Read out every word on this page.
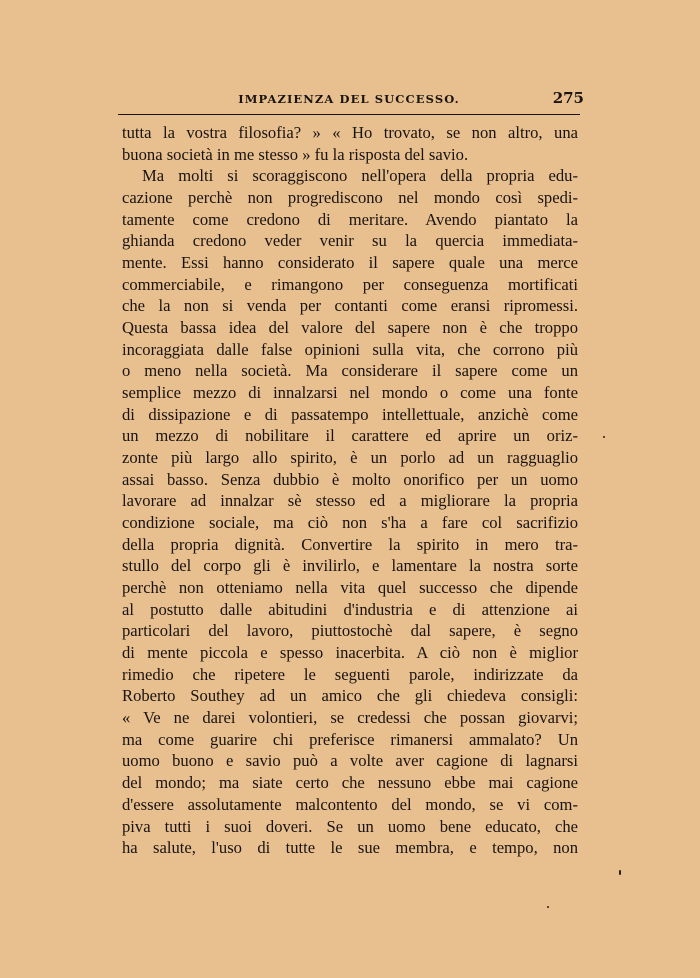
IMPAZIENZA DEL SUCCESSO.	275
tutta la vostra filosofia? » « Ho trovato, se non altro, una
buona società in me stesso » fu la risposta del savio.
Ma molti si scoraggiscono nell'opera della propria edu-
cazione perchè non progrediscono nel mondo così spedi-
tamente come credono di meritare. Avendo piantato la
ghianda credono veder venir su la quercia immediata-
mente. Essi hanno considerato il sapere quale una merce
commerciabile, e rimangono per conseguenza mortificati
che la non si venda per contanti come eransi ripromessi.
Questa bassa idea del valore del sapere non è che troppo
incoraggiata dalle false opinioni sulla vita, che corrono più
o meno nella società. Ma considerare il sapere come un
semplice mezzo di innalzarsi nel mondo o come una fonte
di dissipazione e di passatempo intellettuale, anzichè come
un mezzo di nobilitare il carattere ed aprire un oriz-
zonte più largo allo spirito, è un porlo ad un ragguaglio
assai basso. Senza dubbio è molto onorifico per un uomo
lavorare ad innalzar sè stesso ed a migliorare la propria
condizione sociale, ma ciò non s'ha a fare col sacrifizio
della propria dignità. Convertire la spirito in mero tra-
stullo del corpo gli è invilirlo, e lamentare la nostra sorte
perchè non otteniamo nella vita quel successo che dipende
al postutto dalle abitudini d'industria e di attenzione ai
particolari del lavoro, piuttostochè dal sapere, è segno
di mente piccola e spesso inacerbita. A ciò non è miglior
rimedio che ripetere le seguenti parole, indirizzate da
Roberto Southey ad un amico che gli chiedeva consigli:
« Ve ne darei volontieri, se credessi che possan giovarvi;
ma come guarire chi preferisce rimanersi ammalato? Un
uomo buono e savio può a volte aver cagione di lagnarsi
del mondo; ma siate certo che nessuno ebbe mai cagione
d'essere assolutamente malcontento del mondo, se vi com-
piva tutti i suoi doveri. Se un uomo bene educato, che
ha salute, l'uso di tutte le sue membra, e tempo, non
